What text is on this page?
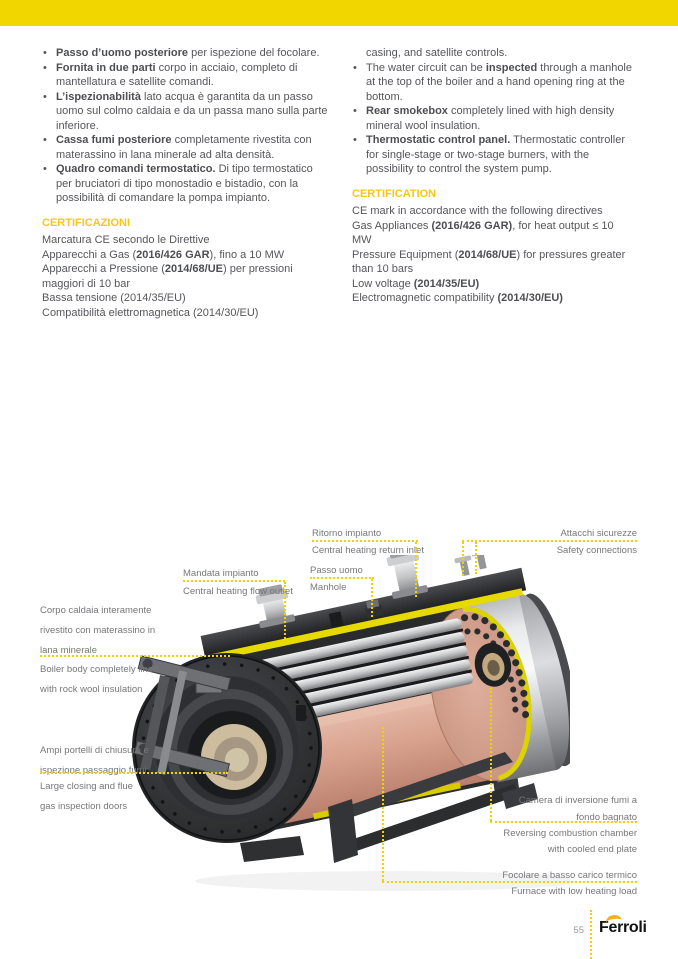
• Passo d’uomo posteriore per ispezione del focolare.
• Fornita in due parti corpo in acciaio, completo di mantellatura e satellite comandi.
• L’ispezionabilità lato acqua è garantita da un passo uomo sul colmo caldaia e da un passa mano sulla parte inferiore.
• Cassa fumi posteriore completamente rivestita con materassino in lana minerale ad alta densità.
• Quadro comandi termostatico. Di tipo termostatico per bruciatori di tipo monostadio e bistadio, con la possibilità di comandare la pompa impianto.
CERTIFICAZIONI
Marcatura CE secondo le Direttive
Apparecchi a Gas (2016/426 GAR), fino a 10 MW
Apparecchi a Pressione (2014/68/UE) per pressioni maggiori di 10 bar
Bassa tensione (2014/35/EU)
Compatibilità elettromagnetica (2014/30/EU)
casing, and satellite controls.
• The water circuit can be inspected through a manhole at the top of the boiler and a hand opening ring at the bottom.
• Rear smokebox completely lined with high density mineral wool insulation.
• Thermostatic control panel. Thermostatic controller for single-stage or two-stage burners, with the possibility to control the system pump.
CERTIFICATION
CE mark in accordance with the following directives
Gas Appliances (2016/426 GAR), for heat output ≤ 10 MW
Pressure Equipment (2014/68/UE) for pressures greater than 10 bars
Low voltage (2014/35/EU)
Electromagnetic compatibility (2014/30/EU)
Mandata impianto
Central heating flow outlet
Ritorno impianto
Central heating return inlet
Passo uomo
Manhole
Attacchi sicurezze
Safety connections
Corpo caldaia interamente rivestito con materassino in lana minerale
Boiler body completely lined with rock wool insulation
Ampi portelli di chiusura e ispezione passaggio fumi
Large closing and flue gas inspection doors
Camera di inversione fumi a fondo bagnato
Reversing combustion chamber with cooled end plate
Focolare a basso carico termico
Furnace with low heating load
55 Ferroli
